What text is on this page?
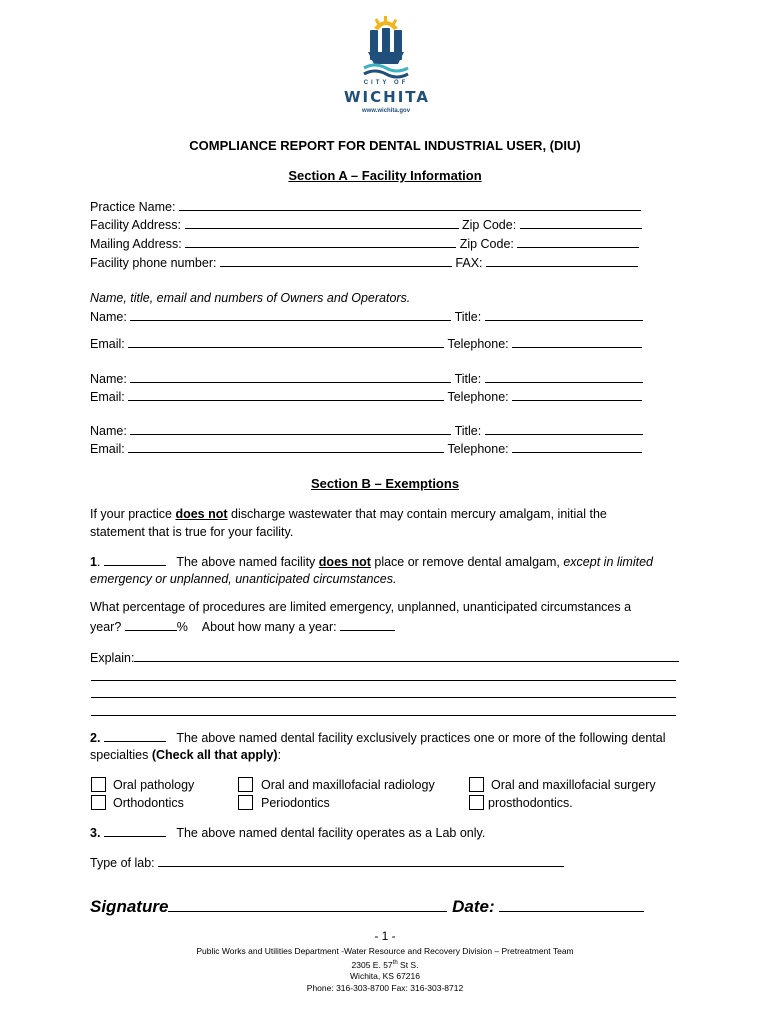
CITY OF
WICHITA
www.wichita.gov
COMPLIANCE REPORT FOR DENTAL INDUSTRIAL USER, (DIU)
Section A – Facility Information
Practice Name:
Facility Address:	Zip Code:
Mailing Address:	Zip Code:
Facility phone number:	FAX:
Name, title, email and numbers of Owners and Operators.
Name:	Title:
Email:	Telephone:
Name:	Title:
Email:	Telephone:
Name:	Title:
Email:	Telephone:
Section B – Exemptions
If your practice does not discharge wastewater that may contain mercury amalgam, initial the
statement that is true for your facility.
1.	The above named facility does not place or remove dental amalgam, except in limited
emergency or unplanned, unanticipated circumstances.
What percentage of procedures are limited emergency, unplanned, unanticipated circumstances a
year?	% About how many a year:
Explain:
2.	The above named dental facility exclusively practices one or more of the following dental
specialties (Check all that apply):
Oral pathology	Oral and maxillofacial radiology	Oral and maxillofacial surgery
Orthodontics	Periodontics	prosthodontics.
3.	The above named dental facility operates as a Lab only.
Type of lab:
Signature	Date:
- 1 -
Public Works and Utilities Department -Water Resource and Recovery Division – Pretreatment Team
2305 E. 57th St S.
Wichita, KS 67216
Phone: 316-303-8700 Fax: 316-303-8712
